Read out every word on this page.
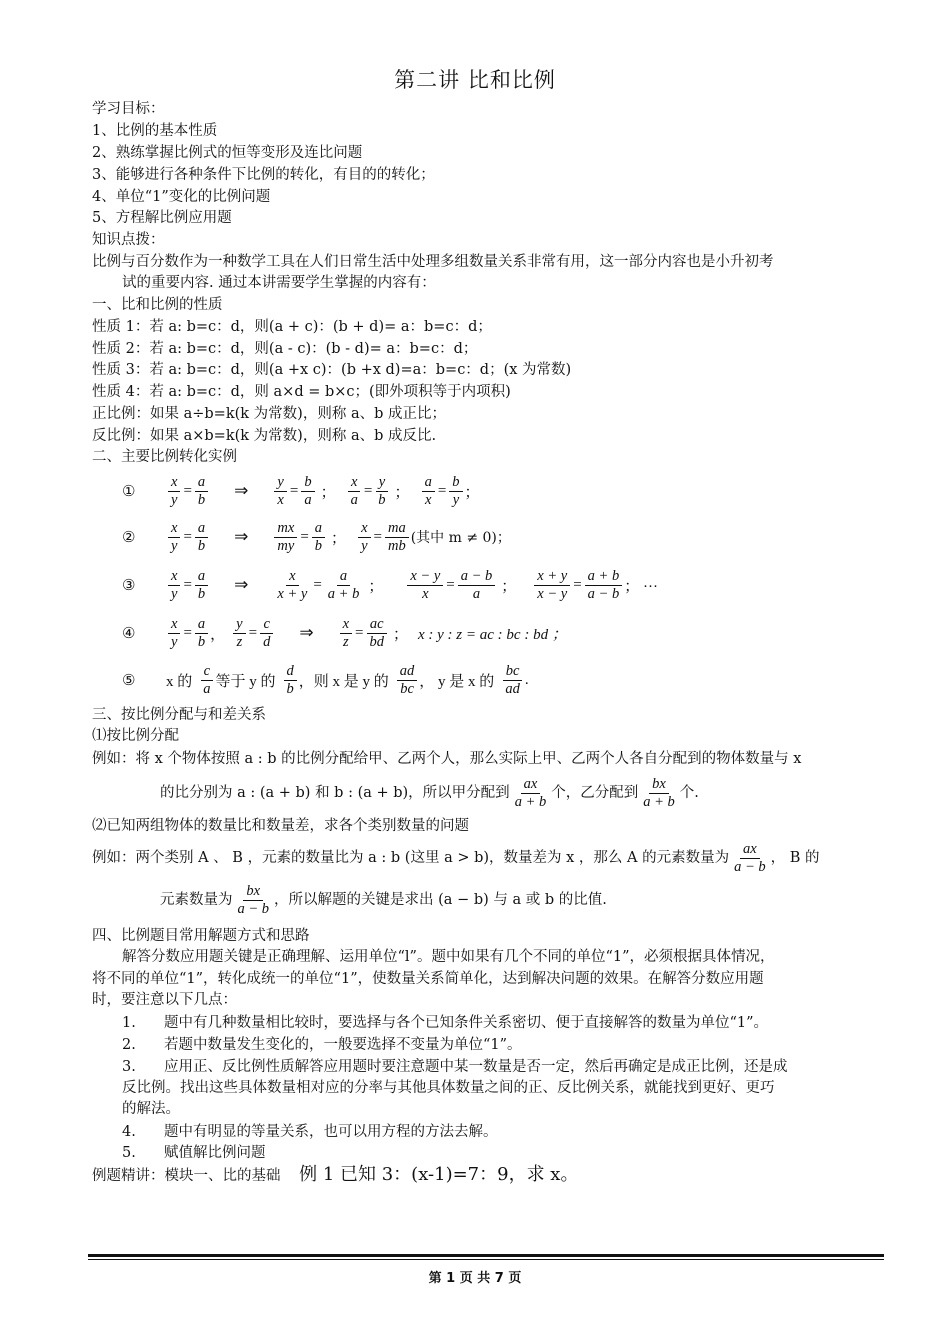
第二讲 比和比例
学习目标：
1、比例的基本性质
2、熟练掌握比例式的恒等变形及连比问题
3、能够进行各种条件下比例的转化，有目的的转化；
4、单位“1”变化的比例问题
5、方程解比例应用题
知识点拨：
比例与百分数作为一种数学工具在人们日常生活中处理多组数量关系非常有用，这一部分内容也是小升初考
试的重要内容. 通过本讲需要学生掌握的内容有：
一、比和比例的性质
性质 1：若 a: b=c：d，则(a + c)：(b + d)= a：b=c：d；
性质 2：若 a: b=c：d，则(a - c)：(b - d)= a：b=c：d；
性质 3：若 a: b=c：d，则(a +x c)：(b +x d)=a：b=c：d；(x 为常数)
性质 4：若 a: b=c：d，则 a×d = b×c；(即外项积等于内项积)
正比例：如果 a÷b=k(k 为常数)，则称 a、b 成正比；
反比例：如果 a×b=k(k 为常数)，则称 a、b 成反比.
二、主要比例转化实例
①	$\frac{x}{y} = \frac{a}{b}$ ⇒ $\frac{y}{x} = \frac{b}{a}$ ； $\frac{x}{a} = \frac{y}{b}$ ； $\frac{a}{x} = \frac{b}{y}$ ；
②	$\frac{x}{y} = \frac{a}{b}$ ⇒ $\frac{mx}{my} = \frac{a}{b}$ ； $\frac{x}{y} = \frac{ma}{mb}$ (其中 m ≠ 0)；
③	$\frac{x}{y} = \frac{a}{b}$ ⇒ $\frac{x}{x + y} = \frac{a}{a + b}$ ； $\frac{x - y}{x} = \frac{a - b}{a}$ ； $\frac{x + y}{x - y} = \frac{a + b}{a - b}$ ； ···
④	$\frac{x}{y} = \frac{a}{b}$ ， $\frac{y}{z} = \frac{c}{d}$ ⇒ $\frac{x}{z} = \frac{ac}{bd}$ ； x : y : z = ac : bc : bd ；
⑤	x 的 $\frac{c}{a}$ 等于 y 的 $\frac{d}{b}$ ，则 x 是 y 的 $\frac{ad}{bc}$ ， y 是 x 的 $\frac{bc}{ad}$ .
三、按比例分配与和差关系
⑴按比例分配
例如：将 x 个物体按照 a : b 的比例分配给甲、乙两个人，那么实际上甲、乙两个人各自分配到的物体数量与 x
的比分别为 a : (a + b) 和 b : (a + b)，所以甲分配到 $\frac{ax}{a + b}$ 个，乙分配到 $\frac{bx}{a + b}$ 个.
⑵已知两组物体的数量比和数量差，求各个类别数量的问题
例如：两个类别 A 、 B ，元素的数量比为 a : b (这里 a > b)，数量差为 x ，那么 A 的元素数量为 $\frac{ax}{a - b}$ ， B 的
元素数量为 $\frac{bx}{a - b}$ ，所以解题的关键是求出 (a − b) 与 a 或 b 的比值.
四、比例题目常用解题方式和思路
解答分数应用题关键是正确理解、运用单位“l”。题中如果有几个不同的单位“1”，必须根据具体情况，
将不同的单位“1”，转化成统一的单位“1”，使数量关系简单化，达到解决问题的效果。在解答分数应用题
时，要注意以下几点：
1. 题中有几种数量相比较时，要选择与各个已知条件关系密切、便于直接解答的数量为单位“1”。
2. 若题中数量发生变化的，一般要选择不变量为单位“1”。
3. 应用正、反比例性质解答应用题时要注意题中某一数量是否一定，然后再确定是成正比例，还是成
反比例。找出这些具体数量相对应的分率与其他具体数量之间的正、反比例关系，就能找到更好、更巧
的解法。
4. 题中有明显的等量关系，也可以用方程的方法去解。
5. 赋值解比例问题
例题精讲：模块一、比的基础 例 1 已知 3：(x-1)=7：9，求 x。
第 1 页 共 7 页
